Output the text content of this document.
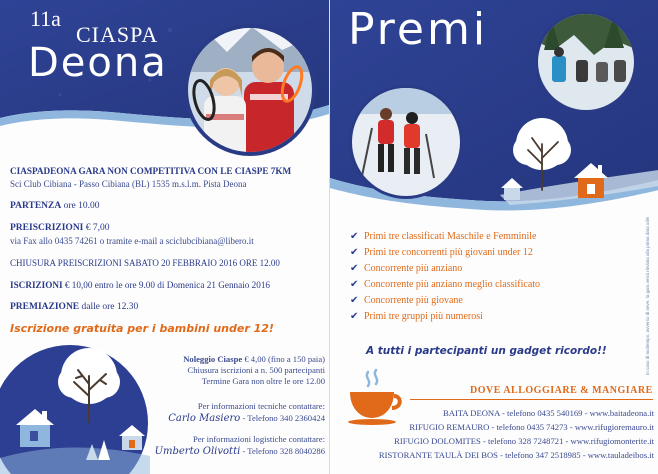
11a
CIASPA
Deona
CIASPADEONA GARA NON COMPETITIVA CON LE CIASPE 7KM
Sci Club Cibiana - Passo Cibiana (BL) 1535 m.s.l.m. Pista Deona
PARTENZA ore 10.00
PREISCRIZIONI € 7,00
via Fax allo 0435 74261 o tramite e-mail a sciclubcibiana@libero.it
CHIUSURA PREISCRIZIONI SABATO 20 FEBBRAIO 2016 ORE 12.00
ISCRIZIONI € 10,00 entro le ore 9.00 di Domenica 21 Gennaio 2016
PREMIAZIONE dalle ore 12.30
Iscrizione gratuita per i bambini under 12!
Noleggio Ciaspe € 4,00 (fino a 150 paia)
Chiusura iscrizioni a n. 500 partecipanti
Termine Gara non oltre le ore 12.00
Per informazioni tecniche contattare:
Carlo Masiero - Telefono 340 2360424
Per informazioni logistiche contattare:
Umberto Olivotti - Telefono 328 8040286
Premi
✔ Primi tre classificati Maschile e Femminile
✔ Primi tre concorrenti più giovani under 12
✔ Concorrente più anziano
✔ Concorrente più anziano meglio classificato
✔ Concorrente più giovane
✔ Primi tre gruppi più numerosi
A tutti i partecipanti un gadget ricordo!!
DOVE ALLOGGIARE & MANGIARE
BAITA DEONA - telefono 0435 540169 - www.baitadeona.it
RIFUGIO REMAURO - telefono 0435 74273 - www.rifugioremauro.it
RIFUGIO DOLOMITES - telefono 328 7248721 - www.rifugiomonterite.it
RISTORANTE TAULÀ DEI BOS - telefono 347 2518985 - www.tauladeibos.it
In caso di maltempo, avverso di neve, la gara verrà rinviata alla prima data utile
